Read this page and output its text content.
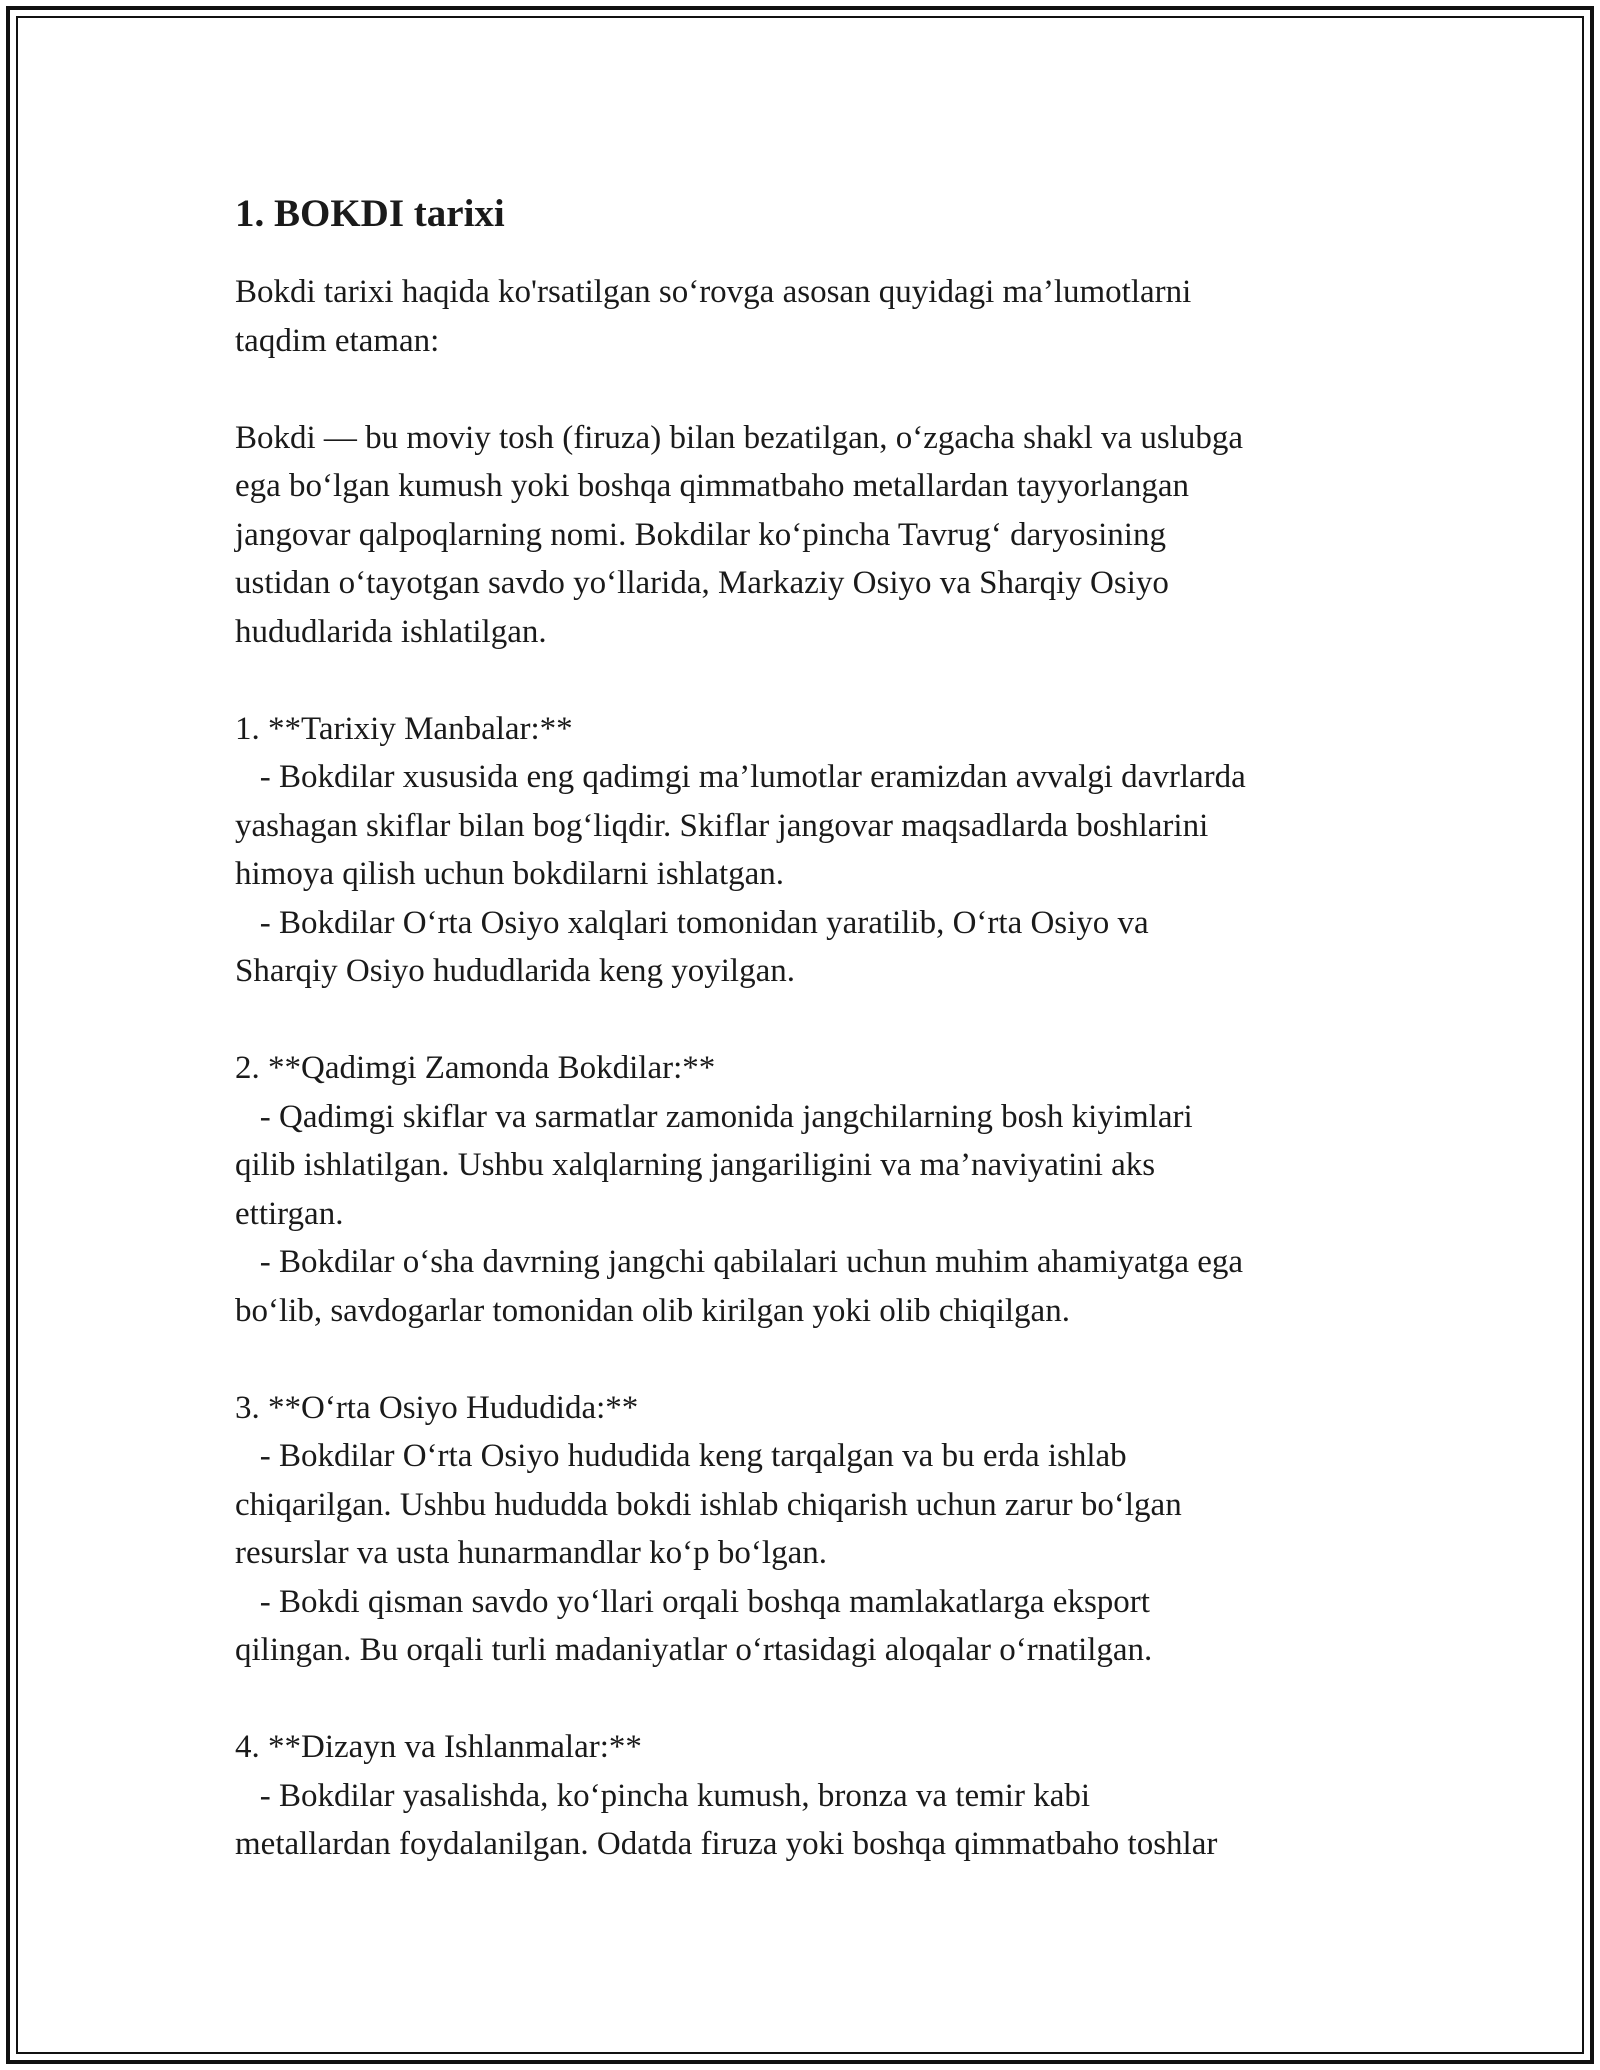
1. BOKDI tarixi

Bokdi tarixi haqida ko'rsatilgan so‘rovga asosan quyidagi ma’lumotlarni
taqdim etaman:

Bokdi — bu moviy tosh (firuza) bilan bezatilgan, o‘zgacha shakl va uslubga
ega bo‘lgan kumush yoki boshqa qimmatbaho metallardan tayyorlangan
jangovar qalpoqlarning nomi. Bokdilar ko‘pincha Tavrug‘ daryosining
ustidan o‘tayotgan savdo yo‘llarida, Markaziy Osiyo va Sharqiy Osiyo
hududlarida ishlatilgan.

1. **Tarixiy Manbalar:**
- Bokdilar xususida eng qadimgi ma’lumotlar eramizdan avvalgi davrlarda
yashagan skiflar bilan bog‘liqdir. Skiflar jangovar maqsadlarda boshlarini
himoya qilish uchun bokdilarni ishlatgan.
- Bokdilar O‘rta Osiyo xalqlari tomonidan yaratilib, O‘rta Osiyo va
Sharqiy Osiyo hududlarida keng yoyilgan.

2. **Qadimgi Zamonda Bokdilar:**
- Qadimgi skiflar va sarmatlar zamonida jangchilarning bosh kiyimlari
qilib ishlatilgan. Ushbu xalqlarning jangariligini va ma’naviyatini aks
ettirgan.
- Bokdilar o‘sha davrning jangchi qabilalari uchun muhim ahamiyatga ega
bo‘lib, savdogarlar tomonidan olib kirilgan yoki olib chiqilgan.

3. **O‘rta Osiyo Hududida:**
- Bokdilar O‘rta Osiyo hududida keng tarqalgan va bu erda ishlab
chiqarilgan. Ushbu hududda bokdi ishlab chiqarish uchun zarur bo‘lgan
resurslar va usta hunarmandlar ko‘p bo‘lgan.
- Bokdi qisman savdo yo‘llari orqali boshqa mamlakatlarga eksport
qilingan. Bu orqali turli madaniyatlar o‘rtasidagi aloqalar o‘rnatilgan.

4. **Dizayn va Ishlanmalar:**
- Bokdilar yasalishda, ko‘pincha kumush, bronza va temir kabi
metallardan foydalanilgan. Odatda firuza yoki boshqa qimmatbaho toshlar
